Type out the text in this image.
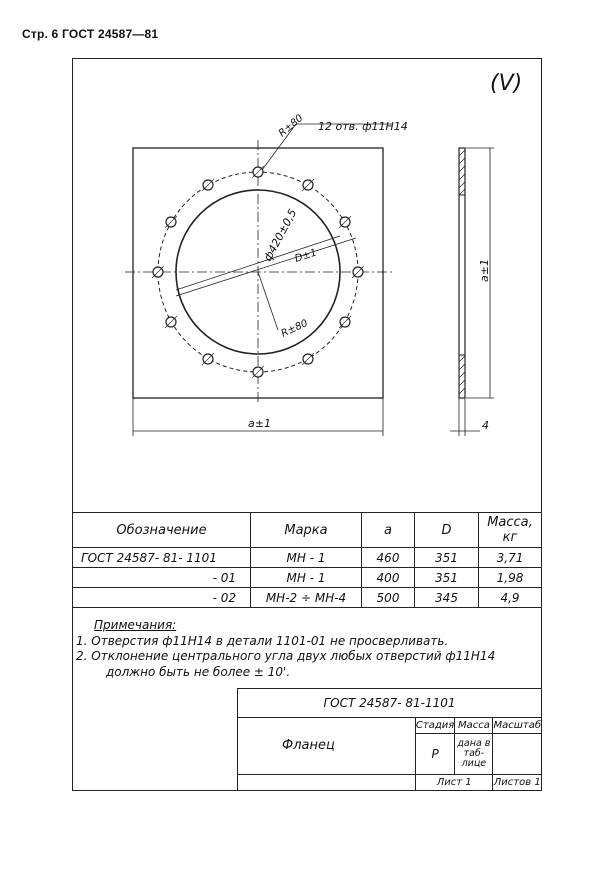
Стр. 6 ГОСТ 24587—81
(V)
12 отв. ф11H14
R±80
ф420±0,5
D±1
R±80
a±1
a±1
4
Обозначение	Марка	a	D	Масса, кг
ГОСТ 24587- 81- 1101	МН - 1	460	351	3,71
- 01	МН - 1	400	351	1,98
- 02	МН-2 ÷ МН-4	500	345	4,9
Примечания:
1. Отверстия ф11H14 в детали 1101-01 не просверливать.
2. Отклонение центрального угла двух любых отверстий ф11H14
должно быть не более ± 10'.
ГОСТ 24587- 81-1101			
Фланец	Стадия	Масса	Масштаб
	Р	дана в таб- лице	
	Лист 1		Листов 1
